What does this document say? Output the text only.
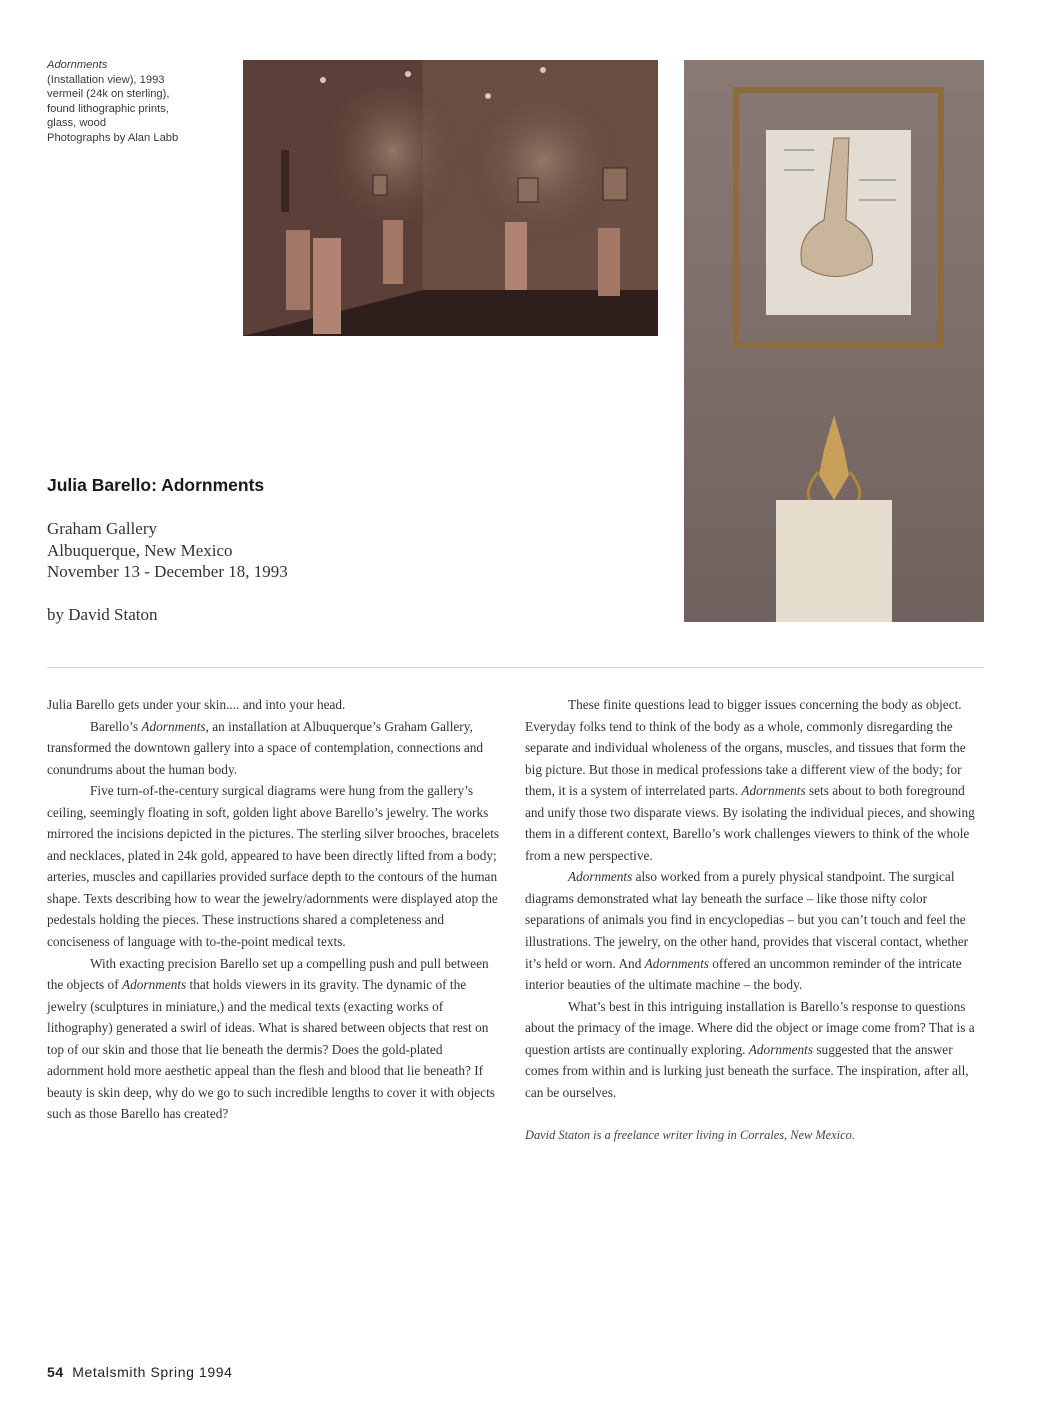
Adornments
(Installation view), 1993
vermeil (24k on sterling),
found lithographic prints,
glass, wood
Photographs by Alan Labb
Julia Barello: Adornments
Graham Gallery
Albuquerque, New Mexico
November 13 - December 18, 1993
by David Staton

Julia Barello gets under your skin.... and into your head.

Barello’s Adornments, an installation at Albuquerque’s Graham Gallery, transformed the downtown gallery into a space of contemplation, connections and conundrums about the human body.

Five turn-of-the-century surgical diagrams were hung from the gallery’s ceiling, seemingly floating in soft, golden light above Barello’s jewelry. The works mirrored the incisions depicted in the pictures. The sterling silver brooches, bracelets and necklaces, plated in 24k gold, appeared to have been directly lifted from a body; arteries, muscles and capillaries provided surface depth to the contours of the human shape. Texts describing how to wear the jewelry/adornments were displayed atop the pedestals holding the pieces. These instructions shared a completeness and conciseness of language with to-the-point medical texts.

With exacting precision Barello set up a compelling push and pull between the objects of Adornments that holds viewers in its gravity. The dynamic of the jewelry (sculptures in miniature,) and the medical texts (exacting works of lithography) generated a swirl of ideas. What is shared between objects that rest on top of our skin and those that lie beneath the dermis? Does the gold-plated adornment hold more aesthetic appeal than the flesh and blood that lie beneath? If beauty is skin deep, why do we go to such incredible lengths to cover it with objects such as those Barello has created?

These finite questions lead to bigger issues concerning the body as object. Everyday folks tend to think of the body as a whole, commonly disregarding the separate and individual wholeness of the organs, muscles, and tissues that form the big picture. But those in medical professions take a different view of the body; for them, it is a system of interrelated parts. Adornments sets about to both foreground and unify those two disparate views. By isolating the individual pieces, and showing them in a different context, Barello’s work challenges viewers to think of the whole from a new perspective.

Adornments also worked from a purely physical standpoint. The surgical diagrams demonstrated what lay beneath the surface – like those nifty color separations of animals you find in encyclopedias – but you can’t touch and feel the illustrations. The jewelry, on the other hand, provides that visceral contact, whether it’s held or worn. And Adornments offered an uncommon reminder of the intricate interior beauties of the ultimate machine – the body.

What’s best in this intriguing installation is Barello’s response to questions about the primacy of the image. Where did the object or image come from? That is a question artists are continually exploring. Adornments suggested that the answer comes from within and is lurking just beneath the surface. The inspiration, after all, can be ourselves.

David Staton is a freelance writer living in Corrales, New Mexico.

54 Metalsmith Spring 1994
